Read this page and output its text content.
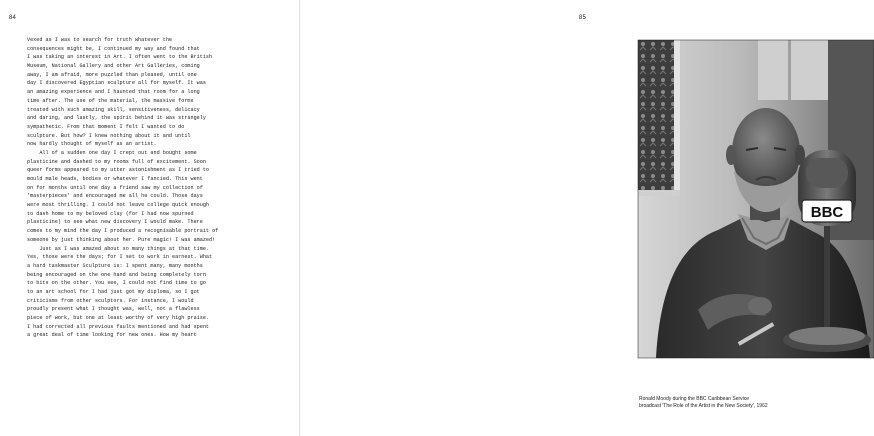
84
Vexed as I was to search for truth whatever the
consequences might be, I continued my way and found that
I was taking an interest in Art. I often went to the British
Museum, National Gallery and other Art Galleries, coming
away, I am afraid, more puzzled than pleased, until one
day I discovered Egyptian sculpture all for myself. It was
an amazing experience and I haunted that room for a long
time after. The use of the material, the massive forms
treated with such amazing skill, sensitiveness, delicacy
and daring, and lastly, the spirit behind it was strangely
sympathetic. From that moment I felt I wanted to do
sculpture. But how? I knew nothing about it and until
now hardly thought of myself as an artist.
All of a sudden one day I crept out and bought some
plasticine and dashed to my rooms full of excitement. Soon
queer forms appeared to my utter astonishment as I tried to
mould male heads, bodies or whatever I fancied. This went
on for months until one day a friend saw my collection of
'masterpieces' and encouraged me all he could. Those days
were most thrilling. I could not leave college quick enough
to dash home to my beloved clay (for I had now spurned
plasticine) to see what new discovery I would make. There
comes to my mind the day I produced a recognisable portrait of
someone by just thinking about her. Pure magic! I was amazed!
Just as I was amazed about so many things at that time.
Yes, those were the days; for I set to work in earnest. What
a hard taskmaster Sculpture is: I spent many, many months
being encouraged on the one hand and being completely torn
to bits on the other. You see, I could not find time to go
to an art school for I had just got my diploma, so I got
criticisms from other sculptors. For instance, I would
proudly present what I thought was, well, not a flawless
piece of work, but one at least worthy of very high praise.
I had corrected all previous faults mentioned and had spent
a great deal of time looking for new ones. How my heart
85
BBC
Ronald Moody during the BBC Caribbean Service
broadcast 'The Role of the Artist in the New Society', 1962
